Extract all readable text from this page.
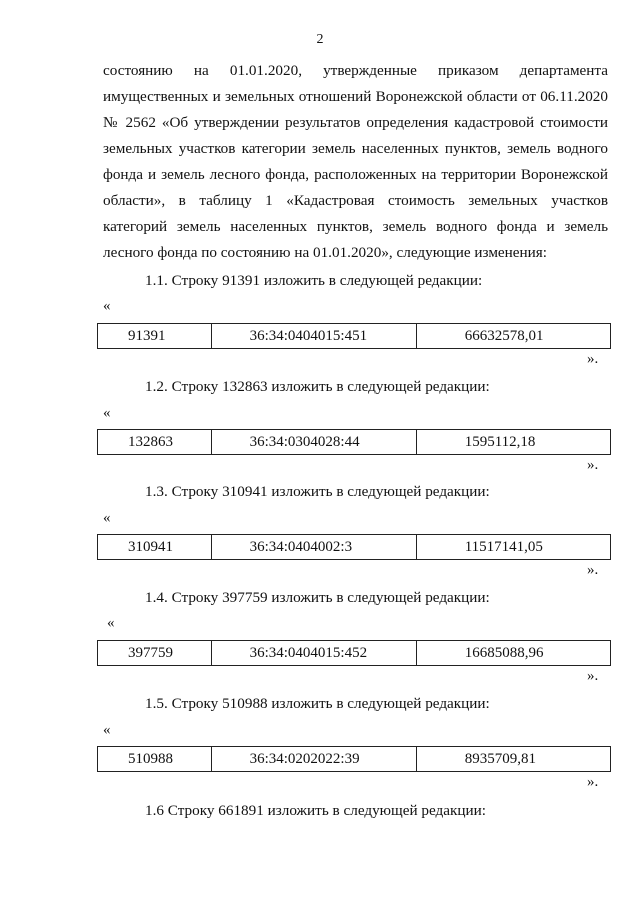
2
состоянию на 01.01.2020, утвержденные приказом департамента
имущественных и земельных отношений Воронежской области от 06.11.2020
№ 2562 «Об утверждении результатов определения кадастровой стоимости
земельных участков категории земель населенных пунктов, земель водного
фонда и земель лесного фонда, расположенных на территории Воронежской
области», в таблицу 1 «Кадастровая стоимость земельных участков
категорий земель населенных пунктов, земель водного фонда и земель
лесного фонда по состоянию на 01.01.2020», следующие изменения:
1.1. Строку 91391 изложить в следующей редакции:
«
91391	36:34:0404015:451	66632578,01
».
1.2. Строку 132863 изложить в следующей редакции:
«
132863	36:34:0304028:44	1595112,18
».
1.3. Строку 310941 изложить в следующей редакции:
«
310941	36:34:0404002:3	11517141,05
».
1.4. Строку 397759 изложить в следующей редакции:
«
397759	36:34:0404015:452	16685088,96
».
1.5. Строку 510988 изложить в следующей редакции:
«
510988	36:34:0202022:39	8935709,81
».
1.6 Строку 661891 изложить в следующей редакции:
